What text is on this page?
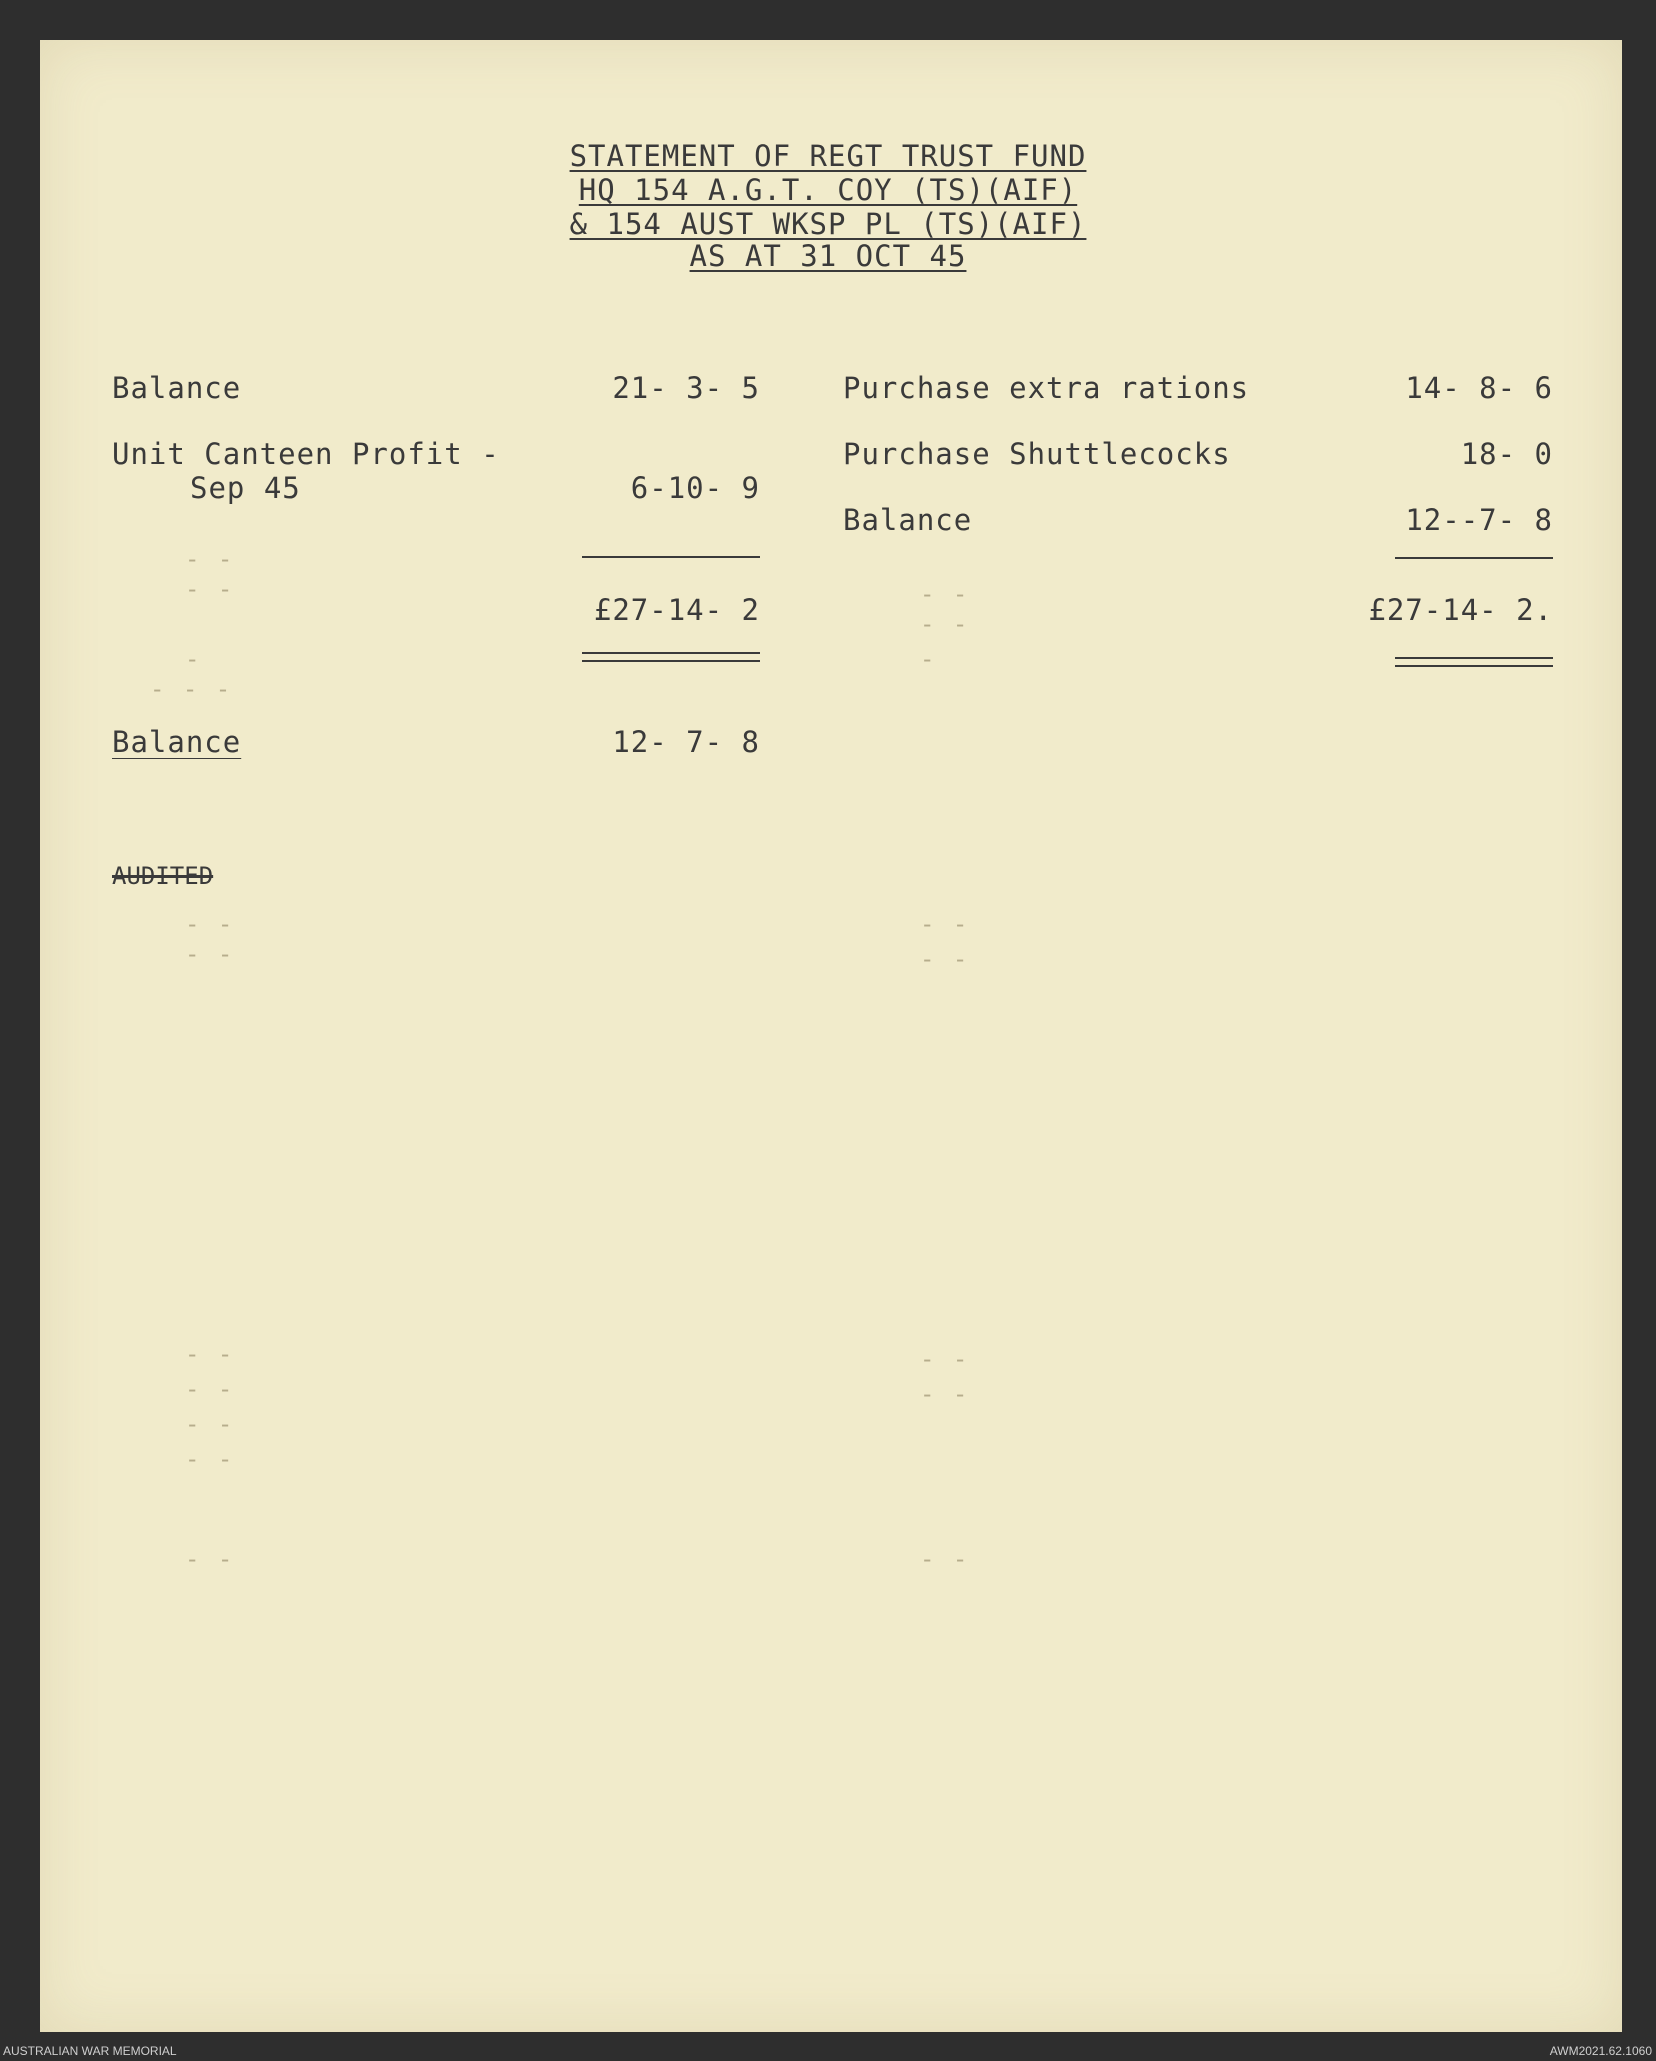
- -
- -
-
- - -
- -
- -
- -
- -
-
- -
- -
- -
- -
- -
- -
- -
- -
- -
- -
STATEMENT OF REGT TRUST FUND
HQ 154 A.G.T. COY (TS)(AIF)
& 154 AUST WKSP PL (TS)(AIF)
AS AT 31 OCT 45
Balance	21- 3- 5
Unit Canteen Profit -
Sep 45	6-10- 9
£27-14- 2
Purchase extra rations	14- 8- 6
Purchase Shuttlecocks	18- 0
Balance	12--7- 8
£27-14- 2.
Balance	12- 7- 8
AUDITED
AUSTRALIAN WAR MEMORIAL	AWM2021.62.1060
